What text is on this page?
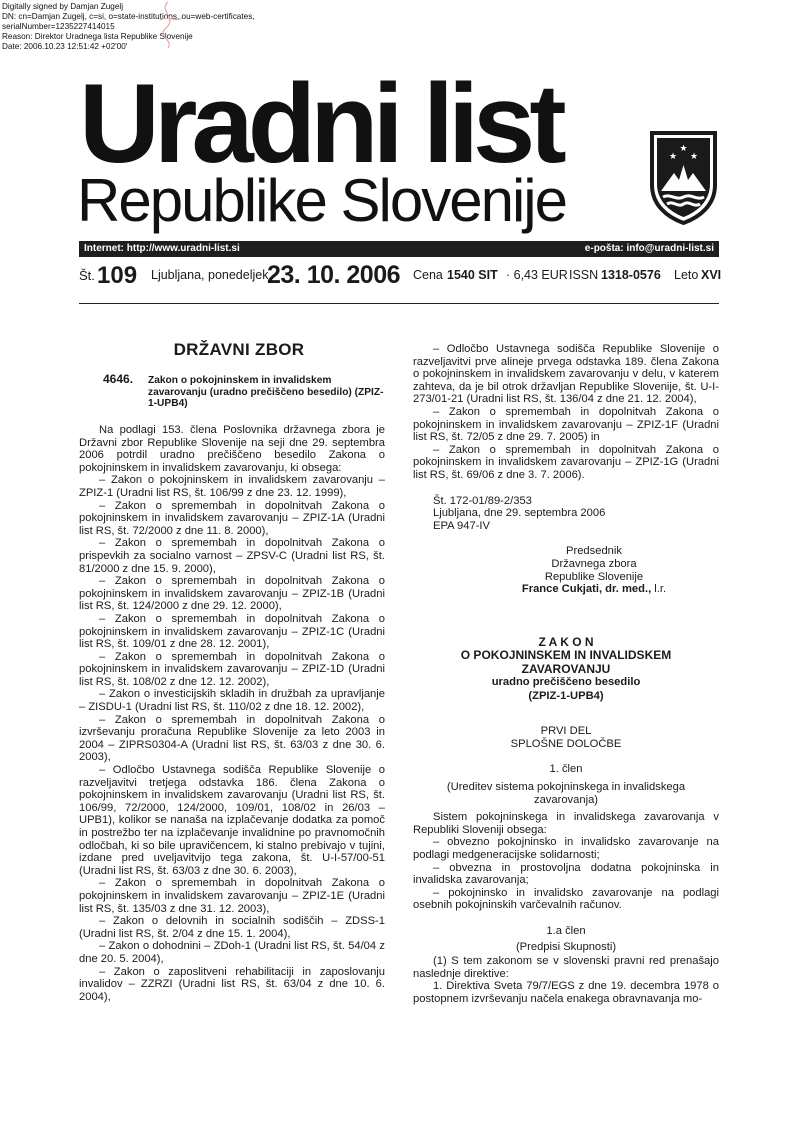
Digitally signed by Damjan Zugelj
DN: cn=Damjan Zugelj, c=si, o=state-institutions, ou=web-certificates,
serialNumber=1235227414015
Reason: Direktor Uradnega lista Republike Slovenije
Date: 2006.10.23 12:51:42 +02'00'
Uradni list
Republike Slovenije
★
★ ★
Internet: http://www.uradni-list.si	e-pošta: info@uradni-list.si
Št. 109 Ljubljana, ponedeljek
23. 10. 2006 Cena 1540 SIT · 6,43 EUR ISSN 1318-0576 Leto XVI
DRŽAVNI ZBOR
4646. Zakon o pokojninskem in invalidskem zavarovanju (uradno prečiščeno besedilo) (ZPIZ-1-UPB4)

Na podlagi 153. člena Poslovnika državnega zbora je Državni zbor Republike Slovenije na seji dne 29. septembra 2006 potrdil uradno prečiščeno besedilo Zakona o pokojninskem in invalidskem zavarovanju, ki obsega:

– Zakon o pokojninskem in invalidskem zavarovanju – ZPIZ-1 (Uradni list RS, št. 106/99 z dne 23. 12. 1999),

– Zakon o spremembah in dopolnitvah Zakona o pokojninskem in invalidskem zavarovanju – ZPIZ-1A (Uradni list RS, št. 72/2000 z dne 11. 8. 2000),

– Zakon o spremembah in dopolnitvah Zakona o prispevkih za socialno varnost – ZPSV-C (Uradni list RS, št. 81/2000 z dne 15. 9. 2000),

– Zakon o spremembah in dopolnitvah Zakona o pokojninskem in invalidskem zavarovanju – ZPIZ-1B (Uradni list RS, št. 124/2000 z dne 29. 12. 2000),

– Zakon o spremembah in dopolnitvah Zakona o pokojninskem in invalidskem zavarovanju – ZPIZ-1C (Uradni list RS, št. 109/01 z dne 28. 12. 2001),

– Zakon o spremembah in dopolnitvah Zakona o pokojninskem in invalidskem zavarovanju – ZPIZ-1D (Uradni list RS, št. 108/02 z dne 12. 12. 2002),

– Zakon o investicijskih skladih in družbah za upravljanje – ZISDU-1 (Uradni list RS, št. 110/02 z dne 18. 12. 2002),

– Zakon o spremembah in dopolnitvah Zakona o izvrševanju proračuna Republike Slovenije za leto 2003 in 2004 – ZIPRS0304-A (Uradni list RS, št. 63/03 z dne 30. 6. 2003),

– Odločbo Ustavnega sodišča Republike Slovenije o razveljavitvi tretjega odstavka 186. člena Zakona o pokojninskem in invalidskem zavarovanju (Uradni list RS, št. 106/99, 72/2000, 124/2000, 109/01, 108/02 in 26/03 – UPB1), kolikor se nanaša na izplačevanje dodatka za pomoč in postrežbo ter na izplačevanje invalidnine po pravnomočnih odločbah, ki so bile upravičencem, ki stalno prebivajo v tujini, izdane pred uveljavitvijo tega zakona, št. U-I-57/00-51 (Uradni list RS, št. 63/03 z dne 30. 6. 2003),

– Zakon o spremembah in dopolnitvah Zakona o pokojninskem in invalidskem zavarovanju – ZPIZ-1E (Uradni list RS, št. 135/03 z dne 31. 12. 2003),

– Zakon o delovnih in socialnih sodiščih – ZDSS-1 (Uradni list RS, št. 2/04 z dne 15. 1. 2004),

– Zakon o dohodnini – ZDoh-1 (Uradni list RS, št. 54/04 z dne 20. 5. 2004),

– Zakon o zaposlitveni rehabilitaciji in zaposlovanju invalidov – ZZRZI (Uradni list RS, št. 63/04 z dne 10. 6. 2004),

– Odločbo Ustavnega sodišča Republike Slovenije o razveljavitvi prve alineje prvega odstavka 189. člena Zakona o pokojninskem in invalidskem zavarovanju v delu, v katerem zahteva, da je bil otrok državljan Republike Slovenije, št. U-I- 273/01-21 (Uradni list RS, št. 136/04 z dne 21. 12. 2004),

– Zakon o spremembah in dopolnitvah Zakona o pokojninskem in invalidskem zavarovanju – ZPIZ-1F (Uradni list RS, št. 72/05 z dne 29. 7. 2005) in

– Zakon o spremembah in dopolnitvah Zakona o pokojninskem in invalidskem zavarovanju – ZPIZ-1G (Uradni list RS, št. 69/06 z dne 3. 7. 2006).

Št. 172-01/89-2/353

Ljubljana, dne 29. septembra 2006

EPA 947-IV

Predsednik
Državnega zbora
Republike Slovenije
France Cukjati, dr. med., l.r.
Z A K O N
O POKOJNINSKEM IN INVALIDSKEM
ZAVAROVANJU
uradno prečiščeno besedilo
(ZPIZ-1-UPB4)
PRVI DEL
SPLOŠNE DOLOČBE
1. člen
(Ureditev sistema pokojninskega in invalidskega zavarovanja)

Sistem pokojninskega in invalidskega zavarovanja v Republiki Sloveniji obsega:

– obvezno pokojninsko in invalidsko zavarovanje na podlagi medgeneracijske solidarnosti;

– obvezna in prostovoljna dodatna pokojninska in invalidska zavarovanja;

– pokojninsko in invalidsko zavarovanje na podlagi osebnih pokojninskih varčevalnih računov.

1.a člen
(Predpisi Skupnosti)

(1) S tem zakonom se v slovenski pravni red prenašajo naslednje direktive:

1. Direktiva Sveta 79/7/EGS z dne 19. decembra 1978 o postopnem izvrševanju načela enakega obravnavanja mo-
